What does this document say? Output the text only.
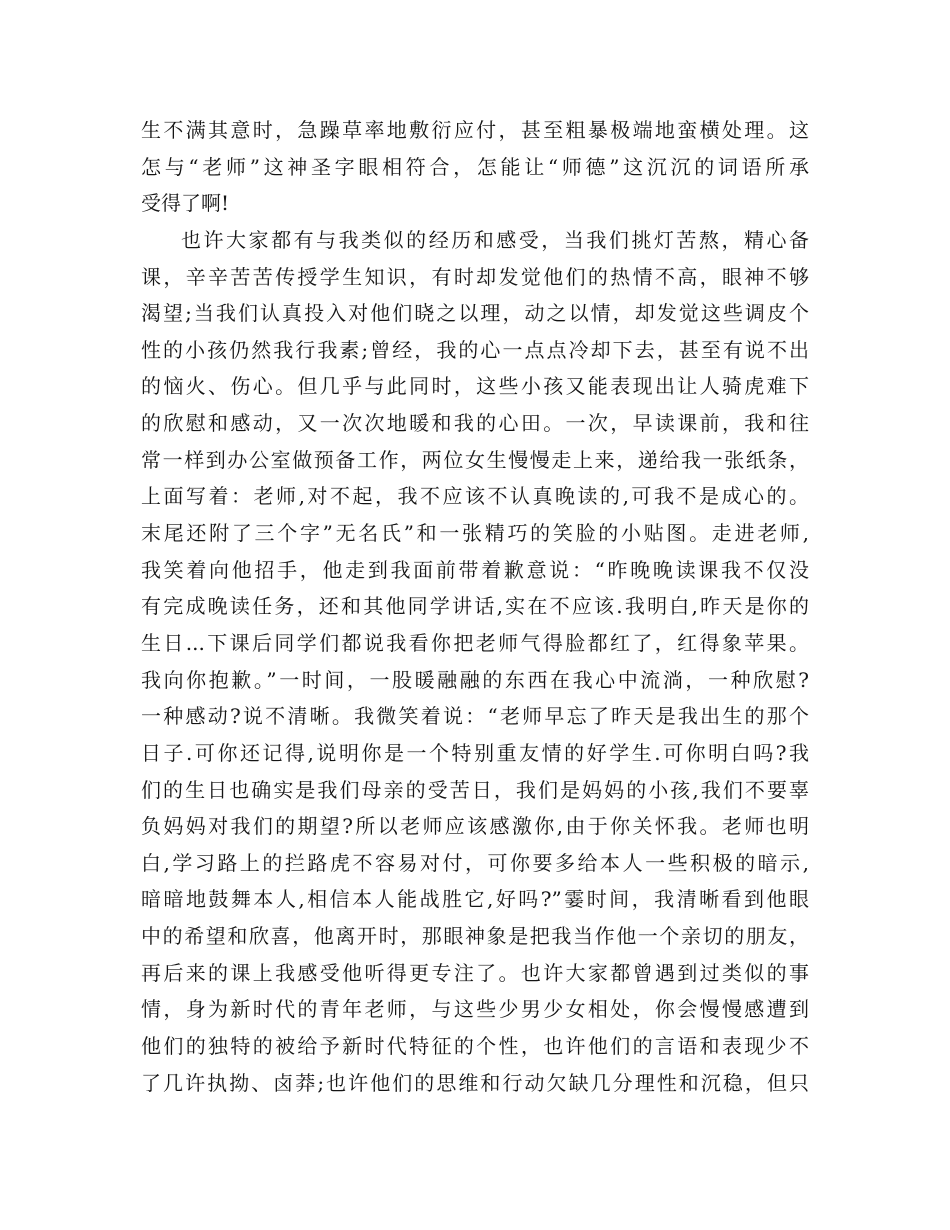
生不满其意时，急躁草率地敷衍应付，甚至粗暴极端地蛮横处理。这
怎与“老师”这神圣字眼相符合，怎能让“师德”这沉沉的词语所承
受得了啊!
也许大家都有与我类似的经历和感受，当我们挑灯苦熬，精心备
课，辛辛苦苦传授学生知识，有时却发觉他们的热情不高，眼神不够
渴望;当我们认真投入对他们晓之以理，动之以情，却发觉这些调皮个
性的小孩仍然我行我素;曾经，我的心一点点冷却下去，甚至有说不出
的恼火、伤心。但几乎与此同时，这些小孩又能表现出让人骑虎难下
的欣慰和感动，又一次次地暖和我的心田。一次，早读课前，我和往
常一样到办公室做预备工作，两位女生慢慢走上来，递给我一张纸条，
上面写着：老师,对不起，我不应该不认真晚读的,可我不是成心的。
末尾还附了三个字”无名氏”和一张精巧的笑脸的小贴图。走进老师,
我笑着向他招手，他走到我面前带着歉意说：“昨晚晚读课我不仅没
有完成晚读任务，还和其他同学讲话,实在不应该.我明白,昨天是你的
生日...下课后同学们都说我看你把老师气得脸都红了，红得象苹果。
我向你抱歉。”一时间，一股暖融融的东西在我心中流淌，一种欣慰?
一种感动?说不清晰。我微笑着说：“老师早忘了昨天是我出生的那个
日子.可你还记得,说明你是一个特别重友情的好学生.可你明白吗?我
们的生日也确实是我们母亲的受苦日，我们是妈妈的小孩,我们不要辜
负妈妈对我们的期望?所以老师应该感激你,由于你关怀我。老师也明
白,学习路上的拦路虎不容易对付，可你要多给本人一些积极的暗示,
暗暗地鼓舞本人,相信本人能战胜它,好吗?”霎时间，我清晰看到他眼
中的希望和欣喜，他离开时，那眼神象是把我当作他一个亲切的朋友，
再后来的课上我感受他听得更专注了。也许大家都曾遇到过类似的事
情，身为新时代的青年老师，与这些少男少女相处，你会慢慢感遭到
他们的独特的被给予新时代特征的个性，也许他们的言语和表现少不
了几许执拗、卤莽;也许他们的思维和行动欠缺几分理性和沉稳，但只
